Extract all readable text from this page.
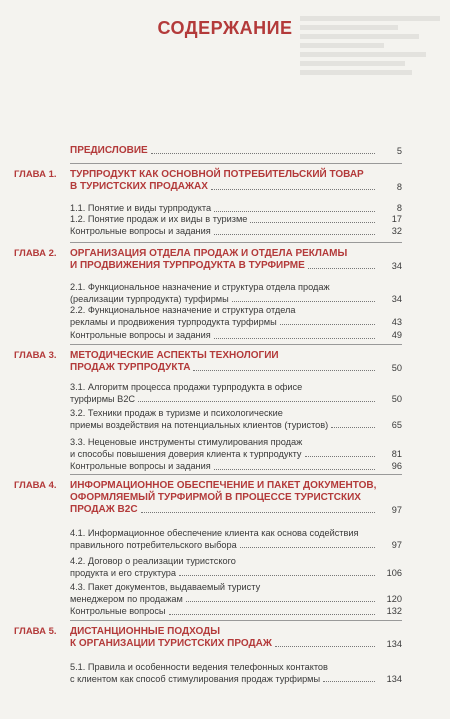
СОДЕРЖАНИЕ
ПРЕДИСЛОВИЕ	5
ГЛАВА 1. ТУРПРОДУКТ КАК ОСНОВНОЙ ПОТРЕБИТЕЛЬСКИЙ ТОВАР
В ТУРИСТСКИХ ПРОДАЖАХ	8
1.1. Понятие и виды турпродукта	8
1.2. Понятие продаж и их виды в туризме	17
Контрольные вопросы и задания	32
ГЛАВА 2. ОРГАНИЗАЦИЯ ОТДЕЛА ПРОДАЖ И ОТДЕЛА РЕКЛАМЫ
И ПРОДВИЖЕНИЯ ТУРПРОДУКТА В ТУРФИРМЕ	34
2.1. Функциональное назначение и структура отдела продаж
(реализации турпродукта) турфирмы	34
2.2. Функциональное назначение и структура отдела
рекламы и продвижения турпродукта турфирмы	43
Контрольные вопросы и задания	49
ГЛАВА 3. МЕТОДИЧЕСКИЕ АСПЕКТЫ ТЕХНОЛОГИИ
ПРОДАЖ ТУРПРОДУКТА	50
3.1. Алгоритм процесса продажи турпродукта в офисе
турфирмы B2C	50
3.2. Техники продаж в туризме и психологические
приемы воздействия на потенциальных клиентов (туристов)	65
3.3. Неценовые инструменты стимулирования продаж
и способы повышения доверия клиента к турпродукту	81
Контрольные вопросы и задания	96
ГЛАВА 4. ИНФОРМАЦИОННОЕ ОБЕСПЕЧЕНИЕ И ПАКЕТ ДОКУМЕНТОВ,
ОФОРМЛЯЕМЫЙ ТУРФИРМОЙ В ПРОЦЕССЕ ТУРИСТСКИХ
ПРОДАЖ B2C	97
4.1. Информационное обеспечение клиента как основа содействия
правильного потребительского выбора	97
4.2. Договор о реализации туристского
продукта и его структура	106
4.3. Пакет документов, выдаваемый туристу
менеджером по продажам	120
Контрольные вопросы	132
ГЛАВА 5. ДИСТАНЦИОННЫЕ ПОДХОДЫ
К ОРГАНИЗАЦИИ ТУРИСТСКИХ ПРОДАЖ	134
5.1. Правила и особенности ведения телефонных контактов
с клиентом как способ стимулирования продаж турфирмы	134
